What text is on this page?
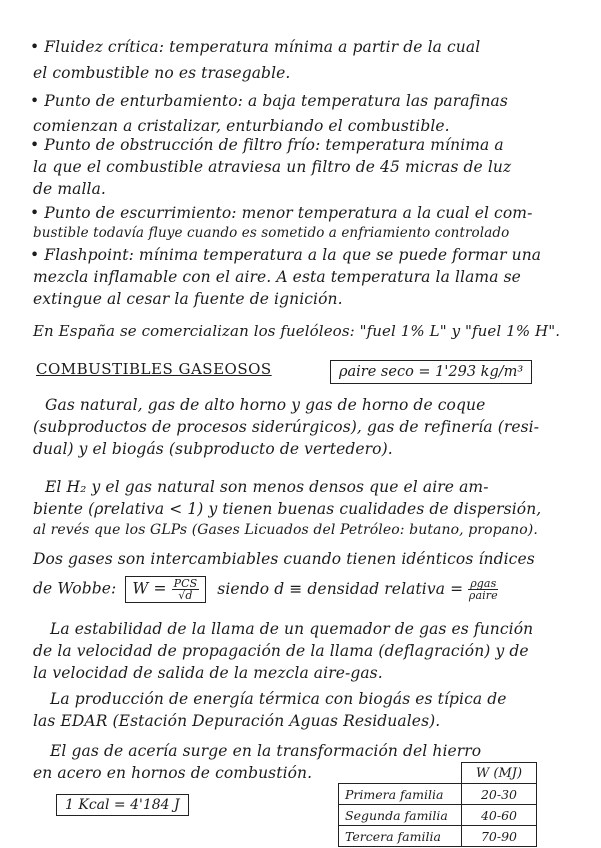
• Fluidez crítica: temperatura mínima a partir de la cual
el combustible no es trasegable.
• Punto de enturbamiento: a baja temperatura las parafinas
comienzan a cristalizar, enturbiando el combustible.
• Punto de obstrucción de filtro frío: temperatura mínima a
la que el combustible atraviesa un filtro de 45 micras de luz
de malla.
• Punto de escurrimiento: menor temperatura a la cual el com-
bustible todavía fluye cuando es sometido a enfriamiento controlado
• Flashpoint: mínima temperatura a la que se puede formar una
mezcla inflamable con el aire. A esta temperatura la llama se
extingue al cesar la fuente de ignición.
En España se comercializan los fuelóleos: "fuel 1% L" y "fuel 1% H".
COMBUSTIBLES GASEOSOS	ρaire seco = 1'293 kg/m³
Gas natural, gas de alto horno y gas de horno de coque
(subproductos de procesos siderúrgicos), gas de refinería (resi-
dual) y el biogás (subproducto de vertedero).
El H₂ y el gas natural son menos densos que el aire am-
biente (ρrelativa < 1) y tienen buenas cualidades de dispersión,
al revés que los GLPs (Gases Licuados del Petróleo: butano, propano).
Dos gases son intercambiables cuando tienen idénticos índices
de Wobbe: $W = \frac{\text{PCS}}{√d}$ siendo d ≡ densidad relativa = $\frac{\text{ρgas}}{\text{ρaire}}$
La estabilidad de la llama de un quemador de gas es función
de la velocidad de propagación de la llama (deflagración) y de
la velocidad de salida de la mezcla aire-gas.
La producción de energía térmica con biogás es típica de
las EDAR (Estación Depuración Aguas Residuales).
El gas de acería surge en la transformación del hierro
en acero en hornos de combustión.
1 Kcal = 4'184 J
	W (MJ)
Primera familia	20-30
Segunda familia	40-60
Tercera familia	70-90
